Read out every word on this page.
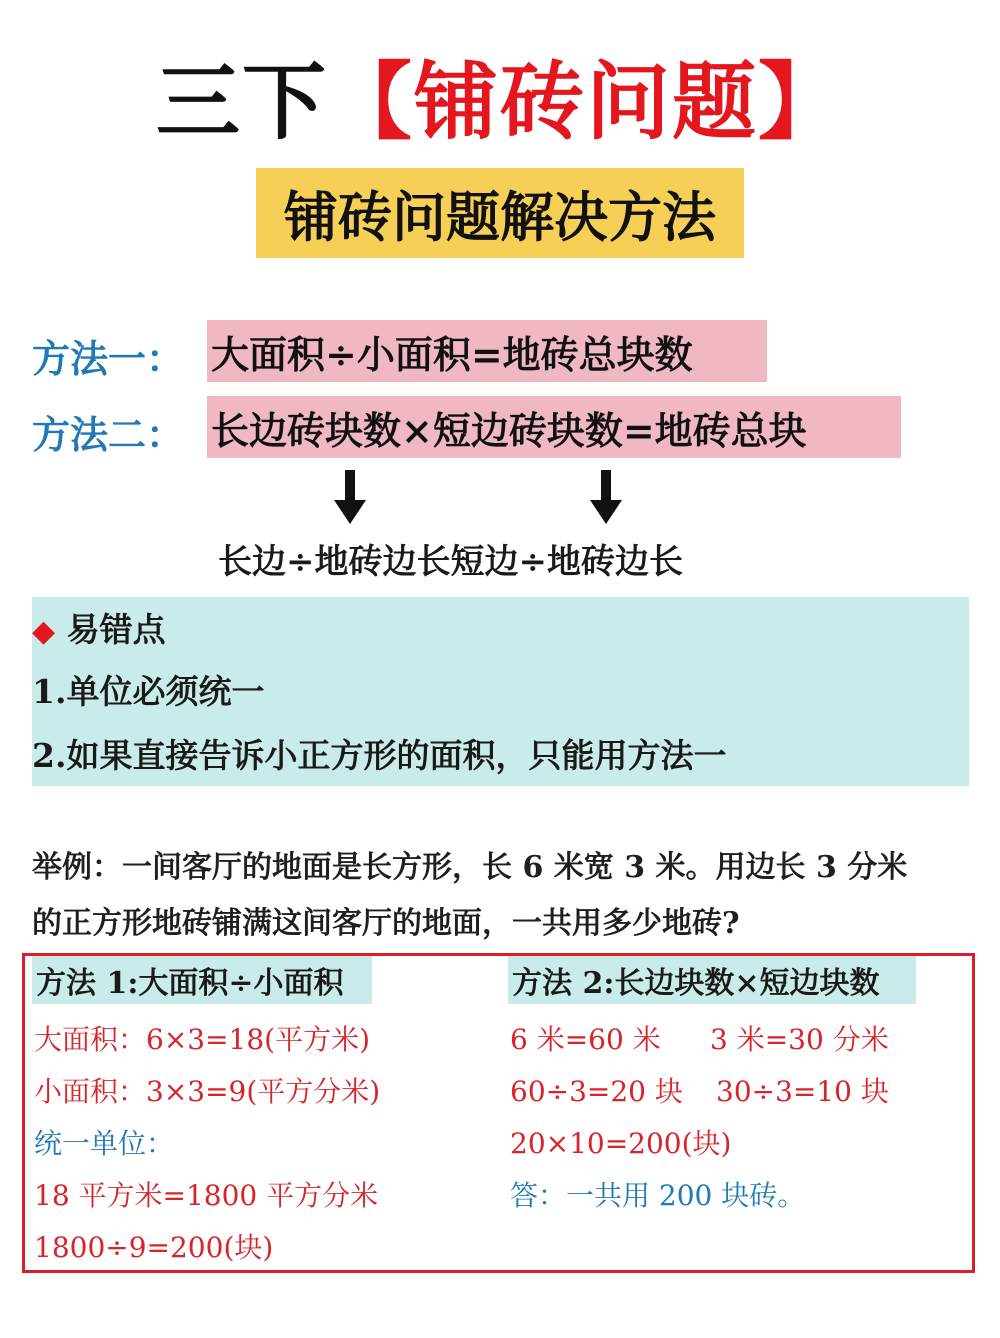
三下【铺砖问题】
铺砖问题解决方法
方法一： 大面积÷小面积=地砖总块数
方法二： 长边砖块数×短边砖块数=地砖总块
长边÷地砖边长短边÷地砖边长
◆ 易错点
1.单位必须统一
2.如果直接告诉小正方形的面积，只能用方法一
举例：一间客厅的地面是长方形，长 6 米宽 3 米。用边长 3 分米
的正方形地砖铺满这间客厅的地面，一共用多少地砖?
方法 1:大面积÷小面积	方法 2:长边块数×短边块数
大面积：6×3=18(平方米)
小面积：3×3=9(平方分米)
统一单位：
18 平方米=1800 平方分米
1800÷9=200(块)
6 米=60 米 3 米=30 分米
60÷3=20 块 30÷3=10 块
20×10=200(块)
答：一共用 200 块砖。
